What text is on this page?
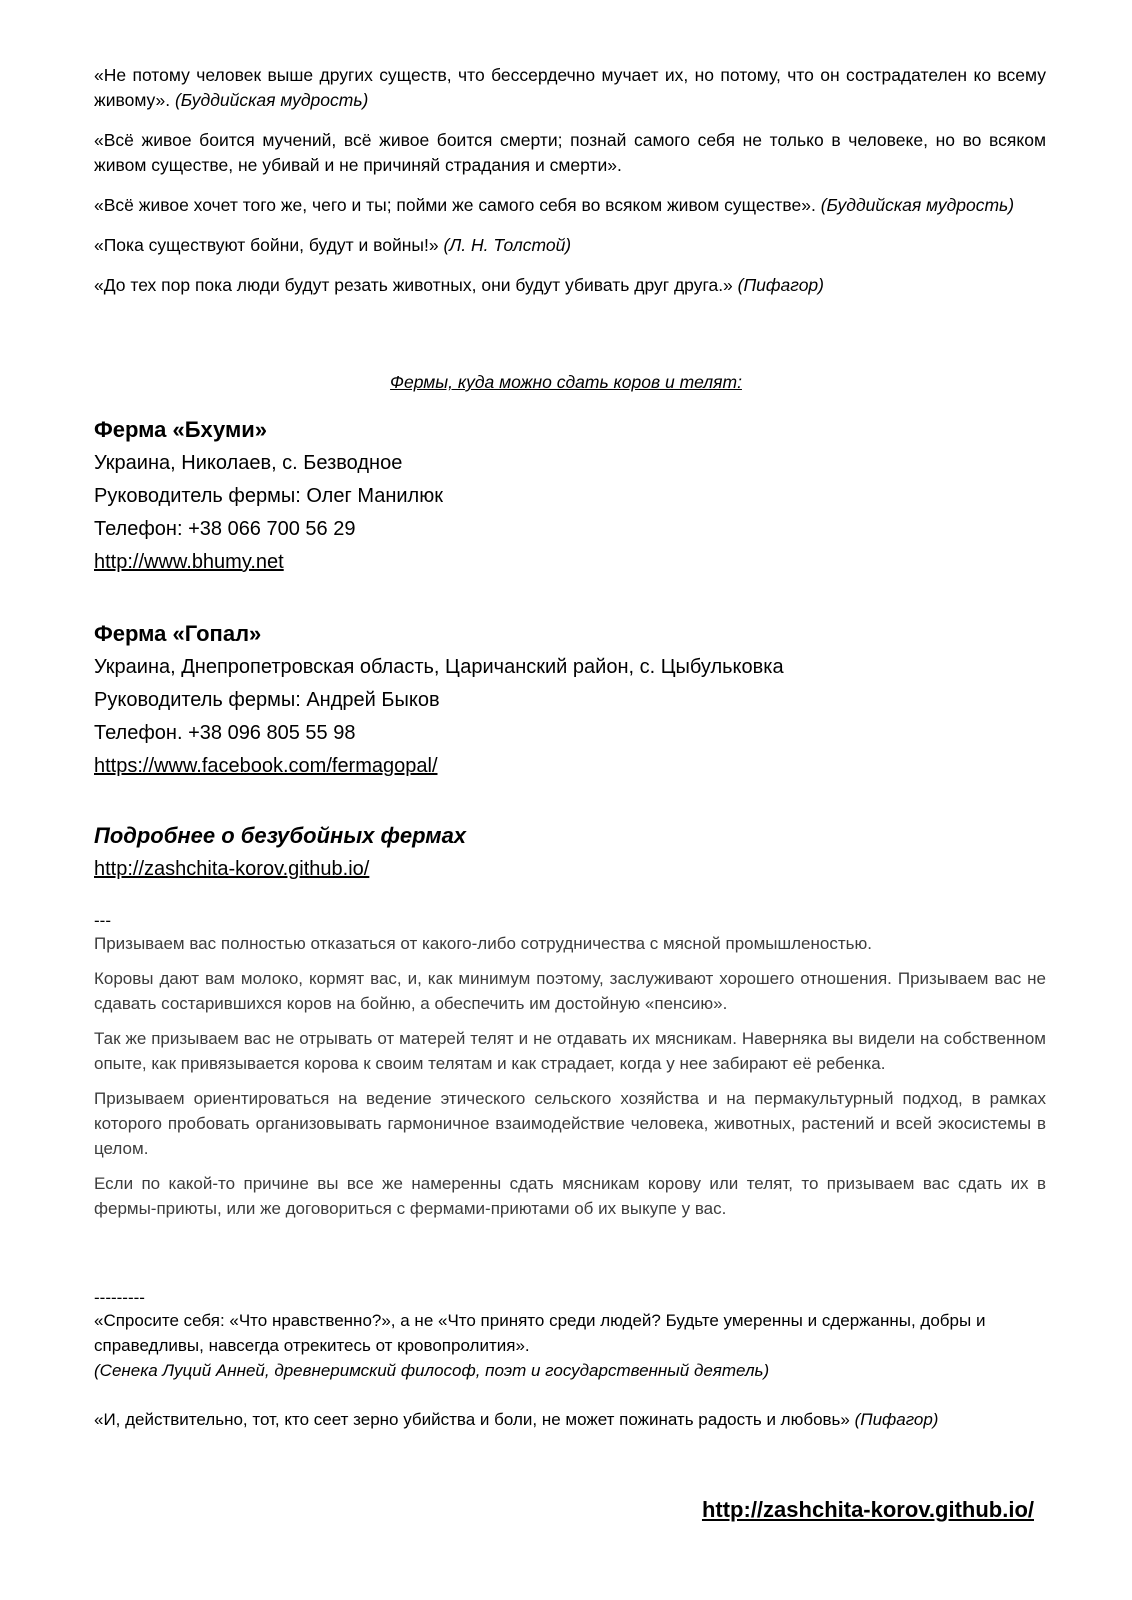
«Не потому человек выше других существ, что бессердечно мучает их, но потому, что он сострадателен ко всему живому». (Буддийская мудрость)

«Всё живое боится мучений, всё живое боится смерти; познай самого себя не только в человеке, но во всяком живом существе, не убивай и не причиняй страдания и смерти».

«Всё живое хочет того же, чего и ты; пойми же самого себя во всяком живом существе». (Буддийская мудрость)

«Пока существуют бойни, будут и войны!» (Л. Н. Толстой)

«До тех пор пока люди будут резать животных, они будут убивать друг друга.» (Пифагор)

Фермы, куда можно сдать коров и телят:
Ферма «Бхуми»
Украина, Николаев, с. Безводное
Руководитель фермы: Олег Манилюк
Телефон: +38 066 700 56 29
http://www.bhumy.net
Ферма «Гопал»
Украина, Днепропетровская область, Царичанский район, с. Цыбульковка
Руководитель фермы: Андрей Быков
Телефон. +38 096 805 55 98
https://www.facebook.com/fermagopal/
Подробнее о безубойных фермах
http://zashchita-korov.github.io/
---

Призываем вас полностью отказаться от какого-либо сотрудничества с мясной промышленостью.

Коровы дают вам молоко, кормят вас, и, как минимум поэтому, заслуживают хорошего отношения. Призываем вас не сдавать состарившихся коров на бойню, а обеспечить им достойную «пенсию».

Так же призываем вас не отрывать от матерей телят и не отдавать их мясникам. Наверняка вы видели на собственном опыте, как привязывается корова к своим телятам и как страдает, когда у нее забирают её ребенка.

Призываем ориентироваться на ведение этического сельского хозяйства и на пермакультурный подход, в рамках которого пробовать организовывать гармоничное взаимодействие человека, животных, растений и всей экосистемы в целом.

Если по какой-то причине вы все же намеренны сдать мясникам корову или телят, то призываем вас сдать их в фермы-приюты, или же договориться с фермами-приютами об их выкупе у вас.

---------

«Спросите себя: «Что нравственно?», а не «Что принято среди людей? Будьте умеренны и сдержанны, добры и справедливы, навсегда отрекитесь от кровопролития».

(Сенека Луций Анней, древнеримский философ, поэт и государственный деятель)

«И, действительно, тот, кто сеет зерно убийства и боли, не может пожинать радость и любовь» (Пифагор)

http://zashchita-korov.github.io/
